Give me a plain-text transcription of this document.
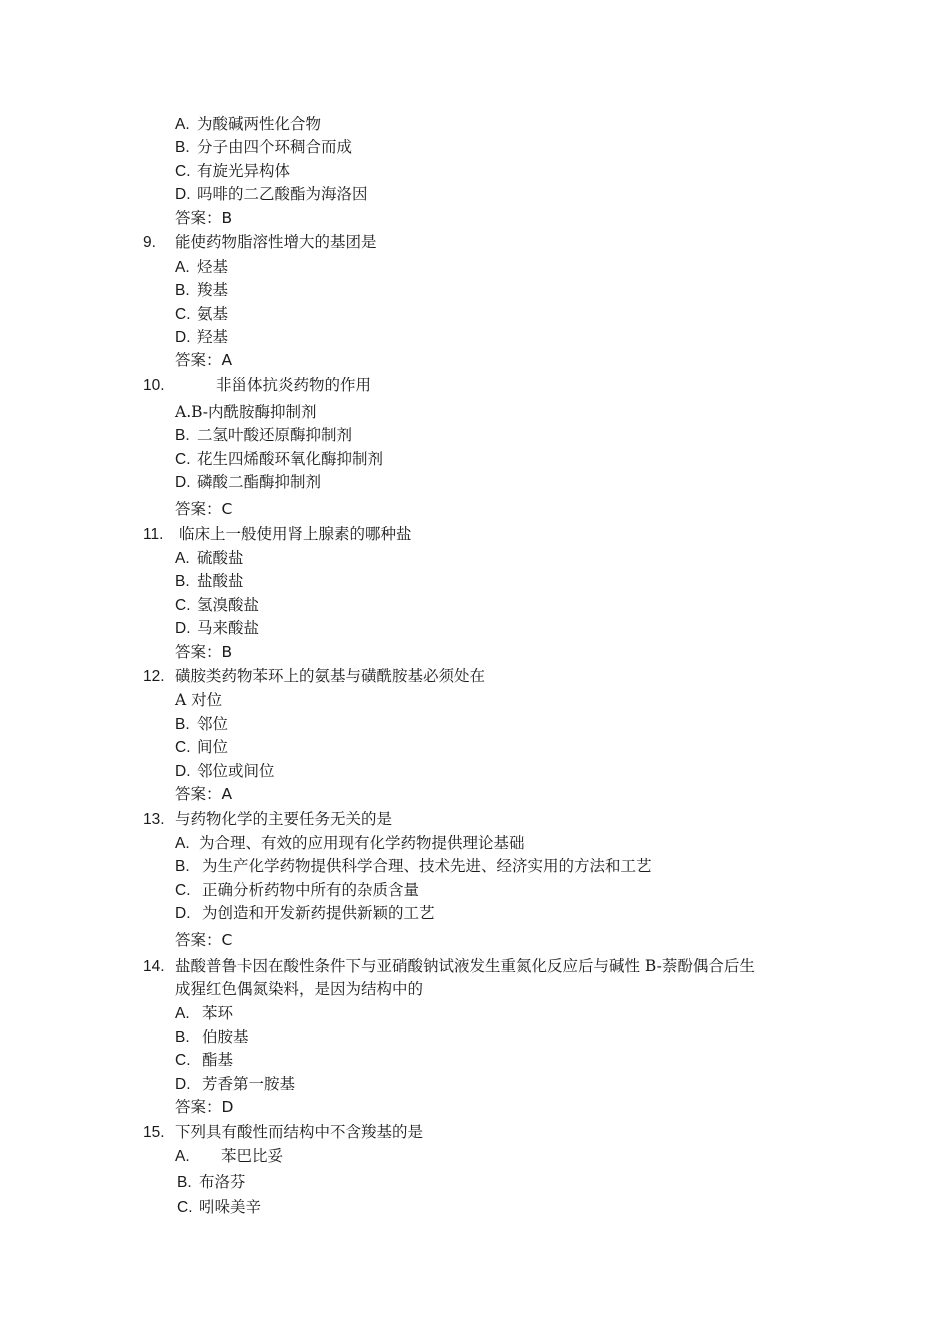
A. 为酸碱两性化合物
B. 分子由四个环稠合而成
C. 有旋光异构体
D. 吗啡的二乙酸酯为海洛因
答案：B
9. 能使药物脂溶性增大的基团是
A. 烃基
B. 羧基
C. 氨基
D. 羟基
答案：A
10.	非甾体抗炎药物的作用
A.B-内酰胺酶抑制剂
B. 二氢叶酸还原酶抑制剂
C. 花生四烯酸环氧化酶抑制剂
D. 磷酸二酯酶抑制剂
答案：C
11. 临床上一般使用肾上腺素的哪种盐
A. 硫酸盐
B. 盐酸盐
C. 氢溴酸盐
D. 马来酸盐
答案：B
12. 磺胺类药物苯环上的氨基与磺酰胺基必须处在
A 对位
B. 邻位
C. 间位
D. 邻位或间位
答案：A
13. 与药物化学的主要任务无关的是
A. 为合理、有效的应用现有化学药物提供理论基础
B. 为生产化学药物提供科学合理、技术先进、经济实用的方法和工艺
C. 正确分析药物中所有的杂质含量
D. 为创造和开发新药提供新颖的工艺
答案：C
14. 盐酸普鲁卡因在酸性条件下与亚硝酸钠试液发生重氮化反应后与碱性 B-萘酚偶合后生
成猩红色偶氮染料，是因为结构中的
A. 苯环
B. 伯胺基
C. 酯基
D. 芳香第一胺基
答案：D
15. 下列具有酸性而结构中不含羧基的是
A. 苯巴比妥
B. 布洛芬
C. 吲哚美辛
